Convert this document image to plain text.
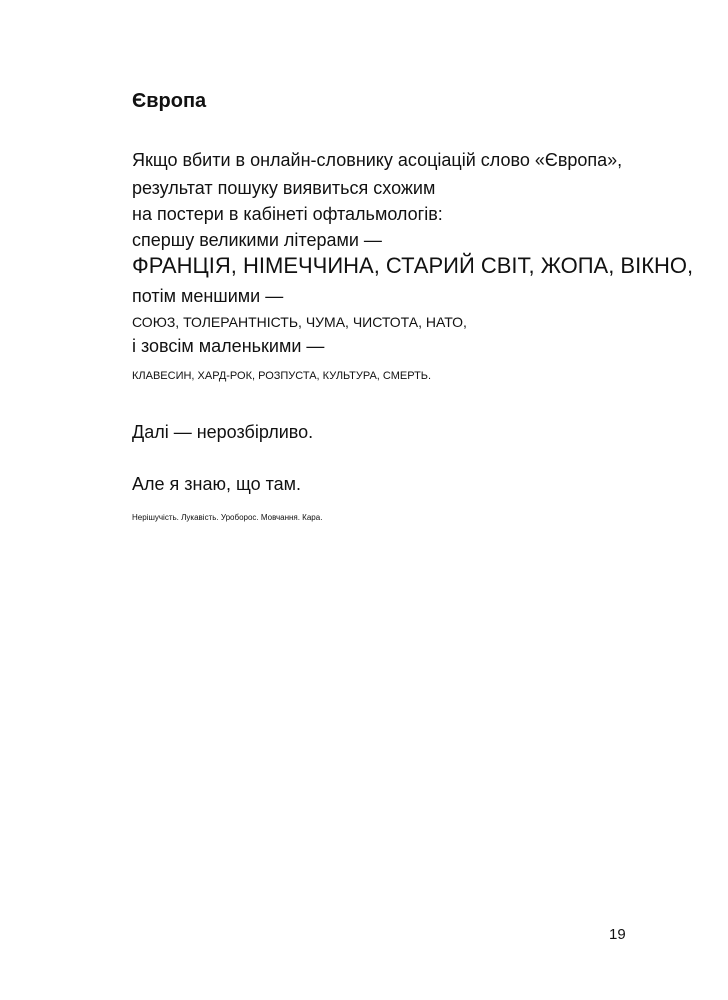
Європа

Якщо вбити в онлайн-словнику асоціацій слово «Європа»,

результат пошуку виявиться схожим

на постери в кабінеті офтальмологів:

спершу великими літерами —

ФРАНЦІЯ, НІМЕЧЧИНА, СТАРИЙ СВІТ, ЖОПА, ВІКНО,

потім меншими —

СОЮЗ, ТОЛЕРАНТНІСТЬ, ЧУМА, ЧИСТОТА, НАТО,

і зовсім маленькими —

КЛАВЕСИН, ХАРД-РОК, РОЗПУСТА, КУЛЬТУРА, СМЕРТЬ.

Далі — нерозбірливо.

Але я знаю, що там.

Нерішучість. Лукавість. Уроборос. Мовчання. Кара.

19
